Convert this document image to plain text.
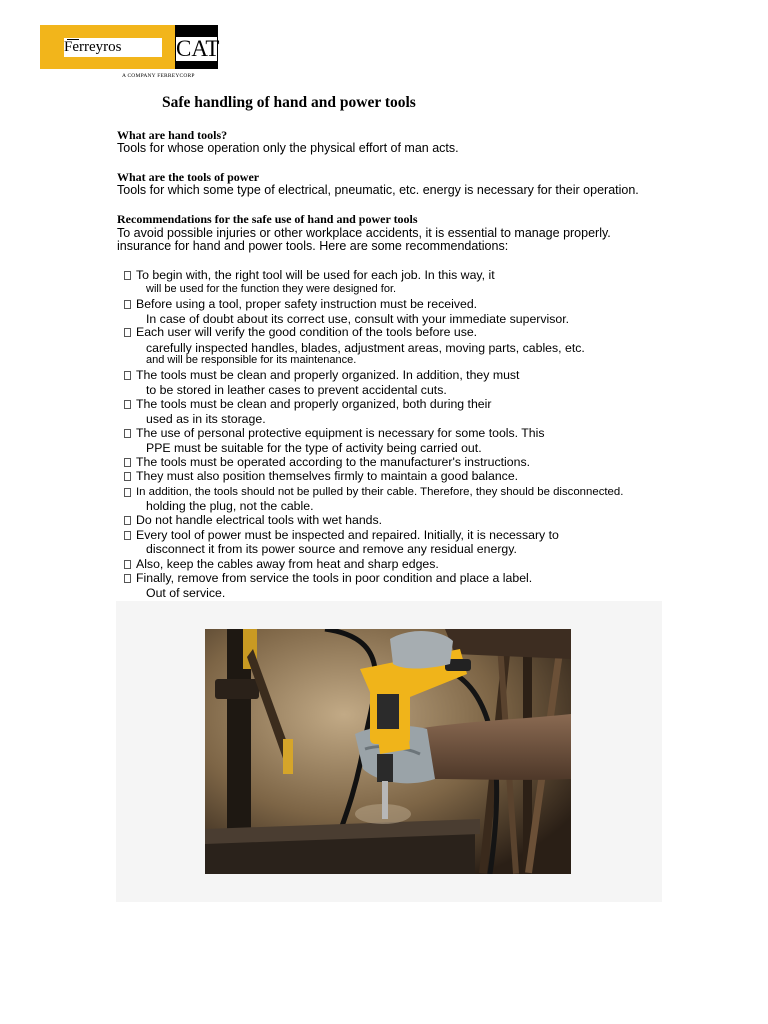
Ferreyros	CAT
A COMPANY FERREYCORP
Safe handling of hand and power tools
What are hand tools?
Tools for whose operation only the physical effort of man acts.
What are the tools of power
Tools for which some type of electrical, pneumatic, etc. energy is necessary for their operation.
Recommendations for the safe use of hand and power tools
To avoid possible injuries or other workplace accidents, it is essential to manage properly.
insurance for hand and power tools. Here are some recommendations:
To begin with, the right tool will be used for each job. In this way, it
will be used for the function they were designed for.
Before using a tool, proper safety instruction must be received.
In case of doubt about its correct use, consult with your immediate supervisor.
Each user will verify the good condition of the tools before use.
carefully inspected handles, blades, adjustment areas, moving parts, cables, etc.
and will be responsible for its maintenance.
The tools must be clean and properly organized. In addition, they must
to be stored in leather cases to prevent accidental cuts.
The tools must be clean and properly organized, both during their
used as in its storage.
The use of personal protective equipment is necessary for some tools. This
PPE must be suitable for the type of activity being carried out.
The tools must be operated according to the manufacturer's instructions.
They must also position themselves firmly to maintain a good balance.
In addition, the tools should not be pulled by their cable. Therefore, they should be disconnected.
holding the plug, not the cable.
Do not handle electrical tools with wet hands.
Every tool of power must be inspected and repaired. Initially, it is necessary to
disconnect it from its power source and remove any residual energy.
Also, keep the cables away from heat and sharp edges.
Finally, remove from service the tools in poor condition and place a label.
Out of service.
